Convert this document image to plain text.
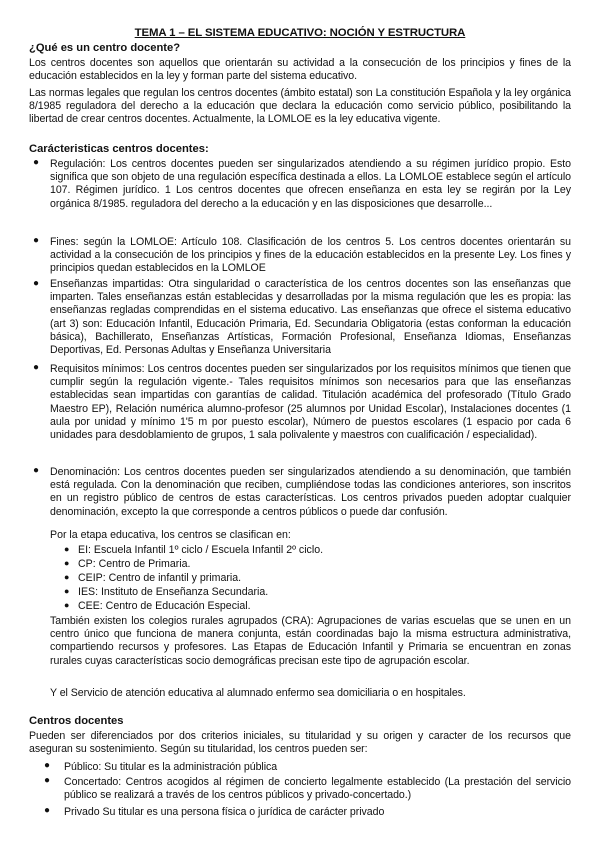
TEMA 1 – EL SISTEMA EDUCATIVO: NOCIÓN Y ESTRUCTURA
¿Qué es un centro docente?
Los centros docentes son aquellos que orientarán su actividad a la consecución de los principios y fines de la educación establecidos en la ley y forman parte del sistema educativo.
Las normas legales que regulan los centros docentes (ámbito estatal) son La constitución Española y la ley orgánica 8/1985 reguladora del derecho a la educación que declara la educación como servicio público, posibilitando la libertad de crear centros docentes. Actualmente, la LOMLOE es la ley educativa vigente.
Carácteristicas centros docentes:
● Regulación: Los centros docentes pueden ser singularizados atendiendo a su régimen jurídico propio. Esto significa que son objeto de una regulación específica destinada a ellos. La LOMLOE establece según el artículo 107. Régimen jurídico. 1 Los centros docentes que ofrecen enseñanza en esta ley se regirán por la Ley orgánica 8/1985. reguladora del derecho a la educación y en las disposiciones que desarrolle...
● Fines: según la LOMLOE: Artículo 108. Clasificación de los centros 5. Los centros docentes orientarán su actividad a la consecución de los principios y fines de la educación establecidos en la presente Ley. Los fines y principios quedan establecidos en la LOMLOE
● Enseñanzas impartidas: Otra singularidad o característica de los centros docentes son las enseñanzas que imparten. Tales enseñanzas están establecidas y desarrolladas por la misma regulación que les es propia: las enseñanzas regladas comprendidas en el sistema educativo. Las enseñanzas que ofrece el sistema educativo (art 3) son: Educación Infantil, Educación Primaria, Ed. Secundaria Obligatoria (estas conforman la educación básica), Bachillerato, Enseñanzas Artísticas, Formación Profesional, Enseñanza Idiomas, Enseñanzas Deportivas, Ed. Personas Adultas y Enseñanza Universitaria
● Requisitos mínimos: Los centros docentes pueden ser singularizados por los requisitos mínimos que tienen que cumplir según la regulación vigente.- Tales requisitos mínimos son necesarios para que las enseñanzas establecidas sean impartidas con garantías de calidad. Titulación académica del profesorado (Título Grado Maestro EP), Relación numérica alumno-profesor (25 alumnos por Unidad Escolar), Instalaciones docentes (1 aula por unidad y mínimo 1'5 m por puesto escolar), Número de puestos escolares (1 espacio por cada 6 unidades para desdoblamiento de grupos, 1 sala polivalente y maestros con cualificación / especialidad).
● Denominación: Los centros docentes pueden ser singularizados atendiendo a su denominación, que también está regulada. Con la denominación que reciben, cumpliéndose todas las condiciones anteriores, son inscritos en un registro público de centros de estas características. Los centros privados pueden adoptar cualquier denominación, excepto la que corresponde a centros públicos o puede dar confusión.
Por la etapa educativa, los centros se clasifican en:
● EI: Escuela Infantil 1º ciclo / Escuela Infantil 2º ciclo.
● CP: Centro de Primaria.
● CEIP: Centro de infantil y primaria.
● IES: Instituto de Enseñanza Secundaria.
● CEE: Centro de Educación Especial.
También existen los colegios rurales agrupados (CRA): Agrupaciones de varias escuelas que se unen en un centro único que funciona de manera conjunta, están coordinadas bajo la misma estructura administrativa, compartiendo recursos y profesores. Las Etapas de Educación Infantil y Primaria se encuentran en zonas rurales cuyas características socio demográficas precisan este tipo de agrupación escolar.
Y el Servicio de atención educativa al alumnado enfermo sea domiciliaria o en hospitales.
Centros docentes
Pueden ser diferenciados por dos criterios iniciales, su titularidad y su origen y caracter de los recursos que aseguran su sostenimiento. Según su titularidad, los centros pueden ser:
● Público: Su titular es la administración pública
● Concertado: Centros acogidos al régimen de concierto legalmente establecido (La prestación del servicio público se realizará a través de los centros públicos y privado-concertado.)
● Privado Su titular es una persona física o jurídica de carácter privado
